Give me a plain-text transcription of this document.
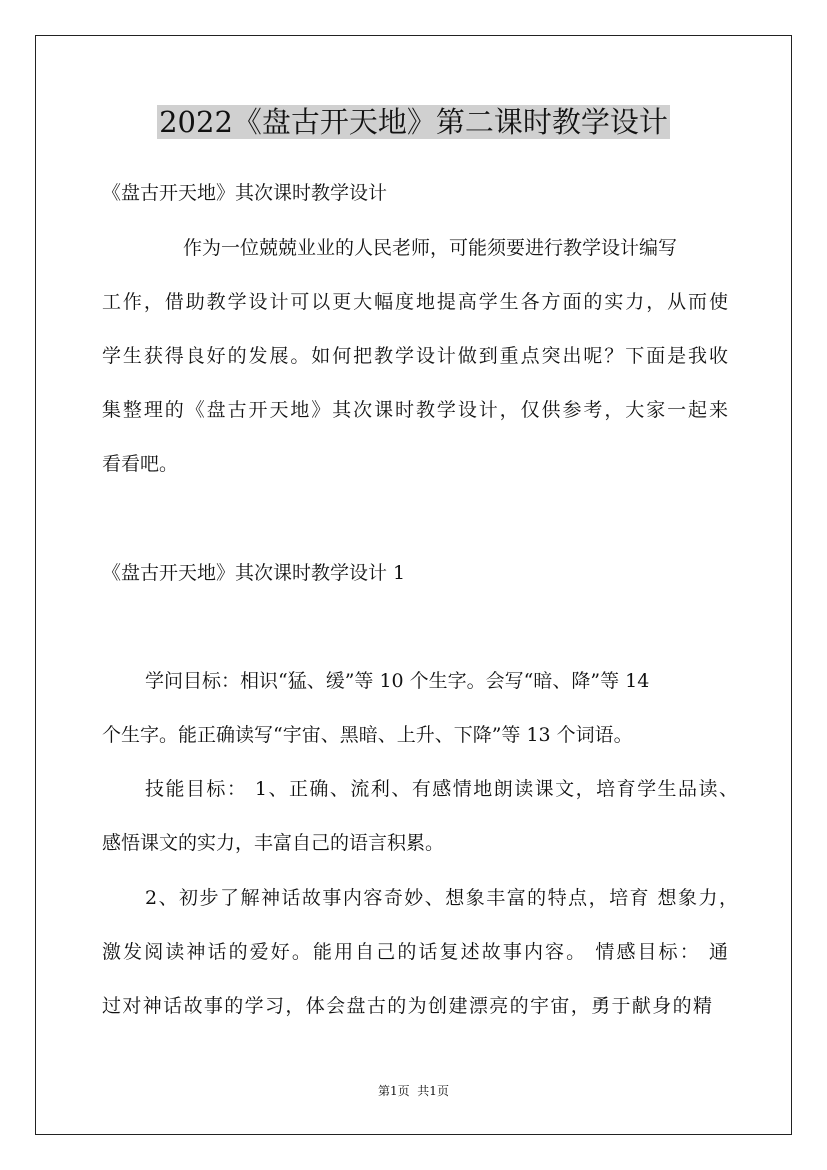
2022《盘古开天地》第二课时教学设计
《盘古开天地》其次课时教学设计
作为一位兢兢业业的人民老师，可能须要进行教学设计编写
工作，借助教学设计可以更大幅度地提高学生各方面的实力，从而使
学生获得良好的发展。如何把教学设计做到重点突出呢？下面是我收
集整理的《盘古开天地》其次课时教学设计，仅供参考，大家一起来
看看吧。
《盘古开天地》其次课时教学设计 1
学问目标：相识“猛、缓”等 10 个生字。会写“暗、降”等 14
个生字。能正确读写“宇宙、黑暗、上升、下降”等 13 个词语。
技能目标： 1、正确、流利、有感情地朗读课文，培育学生品读、
感悟课文的实力，丰富自己的语言积累。
2、初步了解神话故事内容奇妙、想象丰富的特点，培育 想象力，
激发阅读神话的爱好。能用自己的话复述故事内容。 情感目标： 通
过对神话故事的学习，体会盘古的为创建漂亮的宇宙，勇于献身的精
第1页  共1页
